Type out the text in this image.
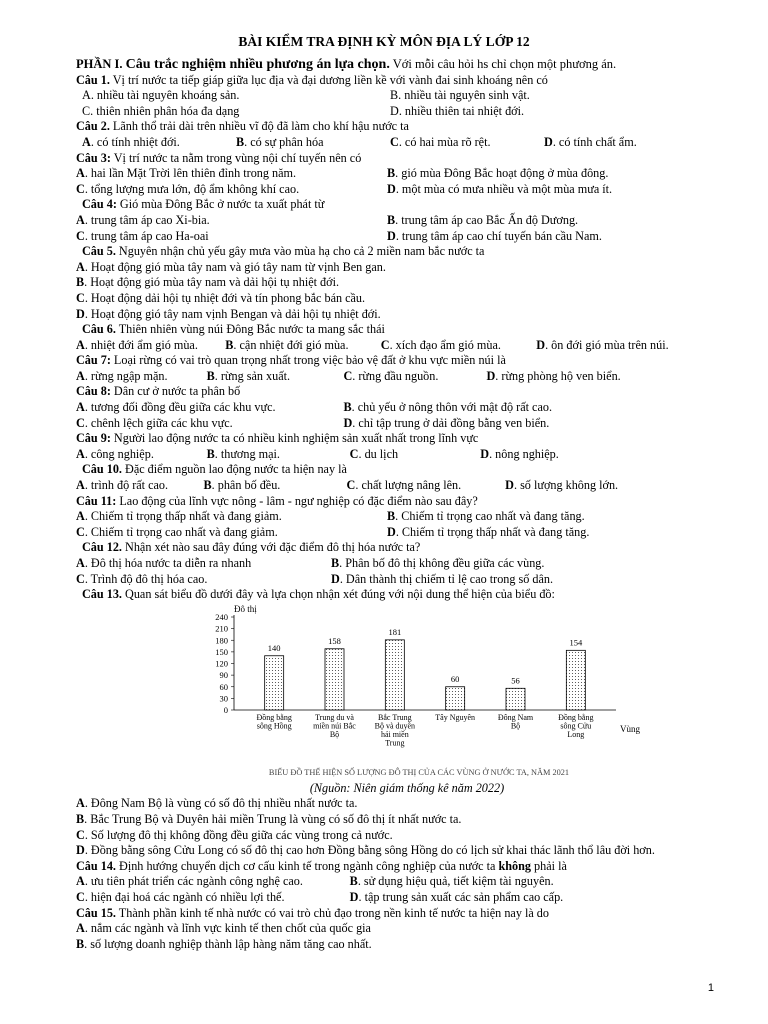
BÀI KIỂM TRA ĐỊNH KỲ MÔN ĐỊA LÝ LỚP 12
PHẦN I. Câu trắc nghiệm nhiều phương án lựa chọn. Với mỗi câu hỏi hs chỉ chọn một phương án.
Câu 1. Vị trí nước ta tiếp giáp giữa lục địa và đại dương liền kề với vành đai sinh khoáng nên có
A. nhiều tài nguyên khoáng sản.	B. nhiều tài nguyên sinh vật.
C. thiên nhiên phân hóa đa dạng	D. nhiều thiên tai nhiệt đới.
Câu 2. Lãnh thổ trải dài trên nhiều vĩ độ đã làm cho khí hậu nước ta
A. có tính nhiệt đới.	B. có sự phân hóa	C. có hai mùa rõ rệt.	D. có tính chất ẩm.
Câu 3: Vị trí nước ta nằm trong vùng nội chí tuyến nên có
A. hai lần Mặt Trời lên thiên đỉnh trong năm.	B. gió mùa Đông Bắc hoạt động ở mùa đông.
C. tổng lượng mưa lớn, độ ẩm không khí cao.	D. một mùa có mưa nhiều và một mùa mưa ít.
Câu 4: Gió mùa Đông Bắc ở nước ta xuất phát từ
A. trung tâm áp cao Xi-bia.	B. trung tâm áp cao Bắc Ấn độ Dương.
C. trung tâm áp cao Ha-oai	D. trung tâm áp cao chí tuyến bán cầu Nam.
Câu 5. Nguyên nhận chủ yếu gây mưa vào mùa hạ cho cả 2 miền nam bắc nước ta
A. Hoạt động gió mùa tây nam và gió tây nam từ vịnh Ben gan.
B. Hoạt động gió mùa tây nam và dải hội tụ nhiệt đới.
C. Hoạt động dải hội tụ nhiệt đới và tín phong bắc bán cầu.
D. Hoạt động gió tây nam vịnh Bengan và dải hội tụ nhiệt đới.
Câu 6. Thiên nhiên vùng núi Đông Bắc nước ta mang sắc thái
A. nhiệt đới ẩm gió mùa.	B. cận nhiệt đới gió mùa.	C. xích đạo ẩm gió mùa.	D. ôn đới gió mùa trên núi.
Câu 7: Loại rừng có vai trò quan trọng nhất trong việc bảo vệ đất ở khu vực miền núi là
A. rừng ngập mặn.	B. rừng sản xuất.	C. rừng đầu nguồn.	D. rừng phòng hộ ven biển.
Câu 8: Dân cư ở nước ta phân bố
A. tương đối đồng đều giữa các khu vực.	B. chủ yếu ở nông thôn với mật độ rất cao.
C. chênh lệch giữa các khu vực.	D. chỉ tập trung ở dải đồng bằng ven biển.
Câu 9: Người lao động nước ta có nhiều kinh nghiệm sản xuất nhất trong lĩnh vực
A. công nghiệp.	B. thương mại.	C. du lịch	D. nông nghiệp.
Câu 10. Đặc điểm nguồn lao động nước ta hiện nay là
A. trình độ rất cao.	B. phân bố đều.	C. chất lượng nâng lên.	D. số lượng không lớn.
Câu 11: Lao động của lĩnh vực nông - lâm - ngư nghiệp có đặc điểm nào sau đây?
A. Chiếm tỉ trọng thấp nhất và đang giảm.	B. Chiếm tỉ trọng cao nhất và đang tăng.
C. Chiếm tỉ trọng cao nhất và đang giảm.	D. Chiếm tỉ trọng thấp nhất và đang tăng.
Câu 12. Nhận xét nào sau đây đúng với đặc điểm đô thị hóa nước ta?
A. Đô thị hóa nước ta diễn ra nhanh	B. Phân bố đô thị không đều giữa các vùng.
C. Trình độ đô thị hóa cao.	D. Dân thành thị chiếm tỉ lệ cao trong số dân.
Câu 13. Quan sát biểu đồ dưới đây và lựa chọn nhận xét đúng với nội dung thể hiện của biểu đồ:
Đô thị
Vùng
BIỂU ĐỒ THỂ HIỆN SỐ LƯỢNG ĐÔ THỊ CỦA CÁC VÙNG Ở NƯỚC TA, NĂM 2021
0
30
60
90
120
150
180
210
240
140
Đồng bằng sông Hồng
158
Trung du và miền núi Bắc Bộ
181
Bắc Trung Bộ và duyên hải miền Trung
60
Tây Nguyên
56
Đông Nam Bộ
154
Đồng bằng sông Cửu Long
(Nguồn: Niên giám thống kê năm 2022)
A. Đông Nam Bộ là vùng có số đô thị nhiều nhất nước ta.
B. Bắc Trung Bộ và Duyên hải miền Trung là vùng có số đô thị ít nhất nước ta.
C. Số lượng đô thị không đồng đều giữa các vùng trong cả nước.
D. Đồng bằng sông Cửu Long có số đô thị cao hơn Đồng bằng sông Hồng do có lịch sử khai thác lãnh thổ lâu đời hơn.
Câu 14. Định hướng chuyển dịch cơ cấu kinh tế trong ngành công nghiệp của nước ta không phải là
A. ưu tiên phát triển các ngành công nghệ cao.	B. sử dụng hiệu quả, tiết kiệm tài nguyên.
C. hiện đại hoá các ngành có nhiều lợi thế.	D. tập trung sản xuất các sản phẩm cao cấp.
Câu 15. Thành phần kinh tế nhà nước có vai trò chủ đạo trong nền kinh tế nước ta hiện nay là do
A. nắm các ngành và lĩnh vực kinh tế then chốt của quốc gia
B. số lượng doanh nghiệp thành lập hàng năm tăng cao nhất.
1
